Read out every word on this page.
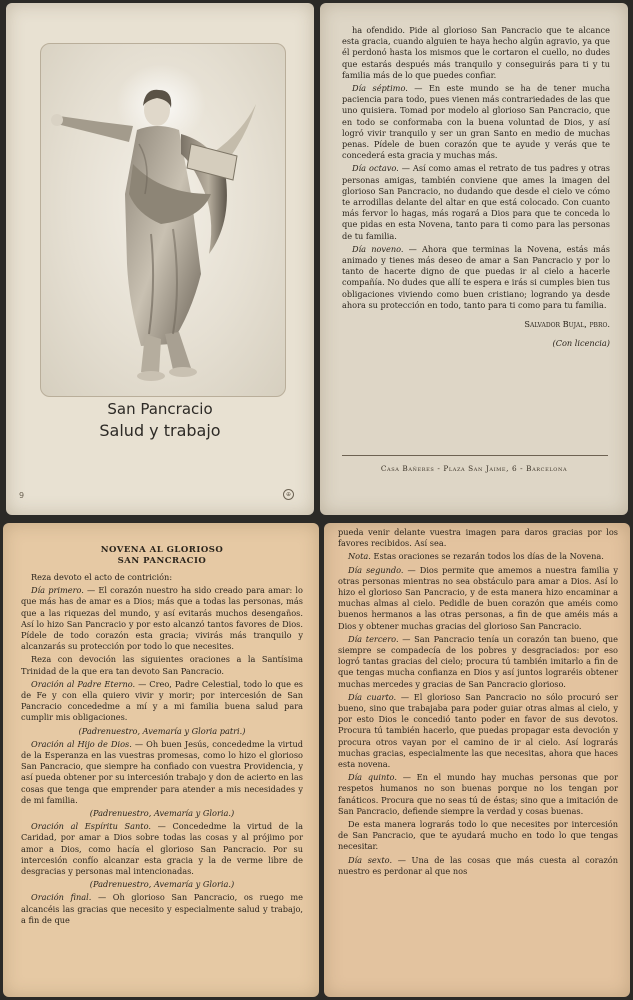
San Pancracio
Salud y trabajo
9	⊕

ha ofendido. Pide al glorioso San Pancracio que te alcance esta gracia, cuando alguien te haya hecho algún agravio, ya que él perdonó hasta los mismos que le cortaron el cuello, no dudes que estarás después más tranquilo y conseguirás para ti y tu familia más de lo que puedes confiar.

Día séptimo. — En este mundo se ha de tener mucha paciencia para todo, pues vienen más contrariedades de las que uno quisiera. Tomad por modelo al glorioso San Pancracio, que en todo se conformaba con la buena voluntad de Dios, y así logró vivir tranquilo y ser un gran Santo en medio de muchas penas. Pídele de buen corazón que te ayude y verás que te concederá esta gracia y muchas más.

Día octavo. — Así como amas el retrato de tus padres y otras personas amigas, también conviene que ames la imagen del glorioso San Pancracio, no dudando que desde el cielo ve cómo te arrodillas delante del altar en que está colocado. Con cuanto más fervor lo hagas, más rogará a Dios para que te conceda lo que pidas en esta Novena, tanto para ti como para las personas de tu familia.

Día noveno. — Ahora que terminas la Novena, estás más animado y tienes más deseo de amar a San Pancracio y por lo tanto de hacerte digno de que puedas ir al cielo a hacerle compañía. No dudes que allí te espera e irás si cumples bien tus obligaciones viviendo como buen cristiano; logrando ya desde ahora su protección en todo, tanto para ti como para tu familia.

Salvador Bujal, pbro.

(Con licencia)

Casa Bañeres - Plaza San Jaime, 6 - Barcelona

NOVENA AL GLORIOSO

SAN PANCRACIO

Reza devoto el acto de contrición:

Día primero. — El corazón nuestro ha sido creado para amar: lo que más has de amar es a Dios; más que a todas las personas, más que a las riquezas del mundo, y así evitarás muchos desengaños. Así lo hizo San Pancracio y por esto alcanzó tantos favores de Dios. Pídele de todo corazón esta gracia; vivirás más tranquilo y alcanzarás su protección por todo lo que necesites.

Reza con devoción las siguientes oraciones a la Santísima Trinidad de la que era tan devoto San Pancracio.

Oración al Padre Eterno. — Creo, Padre Celestial, todo lo que es de Fe y con ella quiero vivir y morir; por intercesión de San Pancracio concededme a mí y a mi familia buena salud para cumplir mis obligaciones.

(Padrenuestro, Avemaría y Gloria patri.)

Oración al Hijo de Dios. — Oh buen Jesús, concededme la virtud de la Esperanza en las vuestras promesas, como lo hizo el glorioso San Pancracio, que siempre ha confiado con vuestra Providencia, y así pueda obtener por su intercesión trabajo y don de acierto en las cosas que tenga que emprender para atender a mis necesidades y de mi familia.

(Padrenuestro, Avemaría y Gloria.)

Oración al Espíritu Santo. — Concededme la virtud de la Caridad, por amar a Dios sobre todas las cosas y al prójimo por amor a Dios, como hacía el glorioso San Pancracio. Por su intercesión confío alcanzar esta gracia y la de verme libre de desgracias y personas mal intencionadas.

(Padrenuestro, Avemaría y Gloria.)

Oración final. — Oh glorioso San Pancracio, os ruego me alcancéis las gracias que necesito y especialmente salud y trabajo, a fin de que

pueda venir delante vuestra imagen para daros gracias por los favores recibidos. Así sea.

Nota. Estas oraciones se rezarán todos los días de la Novena.

Día segundo. — Dios permite que amemos a nuestra familia y otras personas mientras no sea obstáculo para amar a Dios. Así lo hizo el glorioso San Pancracio, y de esta manera hizo encaminar a muchas almas al cielo. Pedidle de buen corazón que améis como buenos hermanos a las otras personas, a fin de que améis más a Dios y obtener muchas gracias del glorioso San Pancracio.

Día tercero. — San Pancracio tenía un corazón tan bueno, que siempre se compadecía de los pobres y desgraciados: por eso logró tantas gracias del cielo; procura tú también imitarlo a fin de que tengas mucha confianza en Dios y así juntos lograréis obtener muchas mercedes y gracias de San Pancracio glorioso.

Día cuarto. — El glorioso San Pancracio no sólo procuró ser bueno, sino que trabajaba para poder guiar otras almas al cielo, y por esto Dios le concedió tanto poder en favor de sus devotos. Procura tú también hacerlo, que puedas propagar esta devoción y procura otros vayan por el camino de ir al cielo. Así lograrás muchas gracias, especialmente las que necesitas, ahora que haces esta novena.

Día quinto. — En el mundo hay muchas personas que por respetos humanos no son buenas porque no los tengan por fanáticos. Procura que no seas tú de éstas; sino que a imitación de San Pancracio, defiende siempre la verdad y cosas buenas.

De esta manera lograrás todo lo que necesites por intercesión de San Pancracio, que te ayudará mucho en todo lo que tengas necesitar.

Día sexto. — Una de las cosas que más cuesta al corazón nuestro es perdonar al que nos
